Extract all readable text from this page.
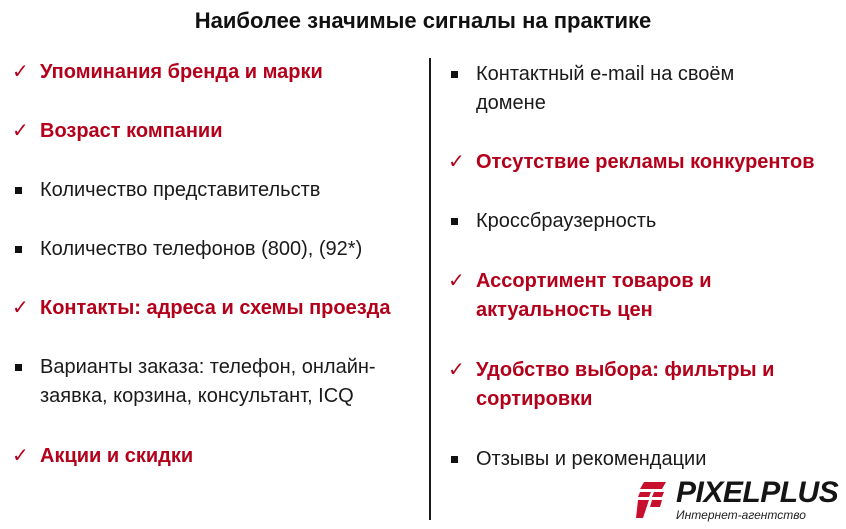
Наиболее значимые сигналы на практике
✓ Упоминания бренда и марки
✓ Возраст компании
Количество представительств
Количество телефонов (800), (92*)
✓ Контакты: адреса и схемы проезда
Варианты заказа: телефон, онлайн-заявка, корзина, консультант, ICQ
✓ Акции и скидки
Контактный e-mail на своём домене
✓ Отсутствие рекламы конкурентов
Кроссбраузерность
✓ Ассортимент товаров и актуальность цен
✓ Удобство выбора: фильтры и сортировки
Отзывы и рекомендации
PIXELPLUS
Интернет-агентство
